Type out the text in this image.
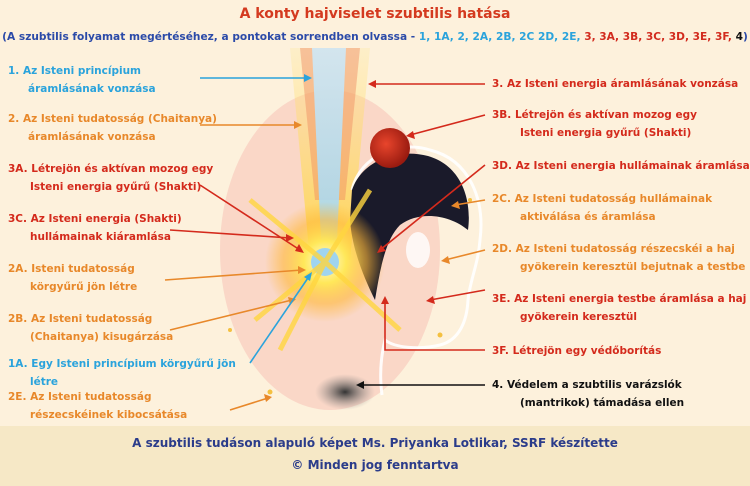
A konty hajviselet szubtilis hatása
(A szubtilis folyamat megértéséhez, a pontokat sorrendben olvassa - 1, 1A, 2, 2A, 2B, 2C 2D, 2E, 3, 3A, 3B, 3C, 3D, 3E, 3F, 4)
1. Az Isteni princípium
áramlásának vonzása
2. Az Isteni tudatosság (Chaitanya)
áramlásának vonzása
3A. Létrejön és aktívan mozog egy
Isteni energia gyűrű (Shakti)
3C. Az Isteni energia (Shakti)
hullámainak kiáramlása
2A. Isteni tudatosság
körgyűrű jön létre
2B. Az Isteni tudatosság
(Chaitanya) kisugárzása
1A. Egy Isteni princípium körgyűrű jön
létre
2E. Az Isteni tudatosság
részecskéinek kibocsátása
3. Az Isteni energia áramlásának vonzása
3B. Létrejön és aktívan mozog egy
Isteni energia gyűrű (Shakti)
3D. Az Isteni energia hullámainak áramlása
2C. Az Isteni tudatosság hullámainak
aktiválása és áramlása
2D. Az Isteni tudatosság részecskéi a haj
gyökerein keresztül bejutnak a testbe
3E. Az Isteni energia testbe áramlása a haj
gyökerein keresztül
3F. Létrejön egy védőborítás
4. Védelem a szubtilis varázslók
(mantrikok) támadása ellen
A szubtilis tudáson alapuló képet Ms. Priyanka Lotlikar, SSRF készítette
© Minden jog fenntartva
